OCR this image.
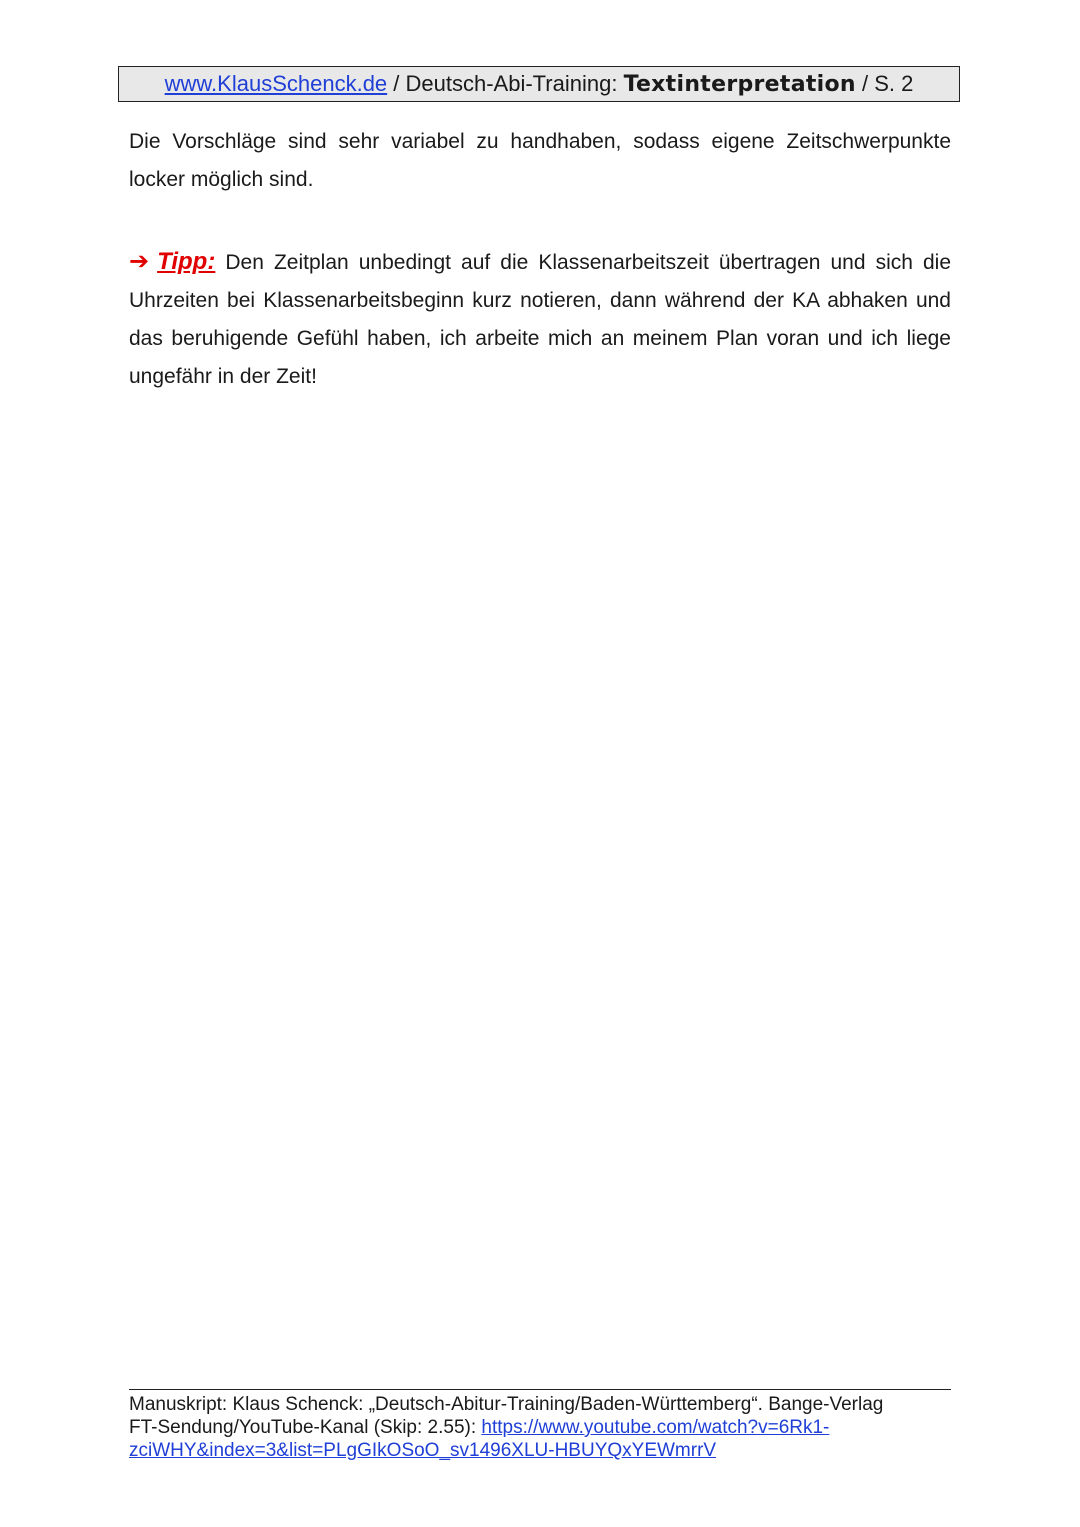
www.KlausSchenck.de / Deutsch-Abi-Training: Textinterpretation / S. 2
Die Vorschläge sind sehr variabel zu handhaben, sodass eigene Zeitschwerpunkte locker möglich sind.
➔ Tipp: Den Zeitplan unbedingt auf die Klassenarbeitszeit übertragen und sich die Uhrzeiten bei Klassenarbeitsbeginn kurz notieren, dann während der KA abhaken und das beruhigende Gefühl haben, ich arbeite mich an meinem Plan voran und ich liege ungefähr in der Zeit!
Manuskript: Klaus Schenck: „Deutsch-Abitur-Training/Baden-Württemberg“. Bange-Verlag
FT-Sendung/YouTube-Kanal (Skip: 2.55): https://www.youtube.com/watch?v=6Rk1-
zciWHY&index=3&list=PLgGIkOSoO_sv1496XLU-HBUYQxYEWmrrV
